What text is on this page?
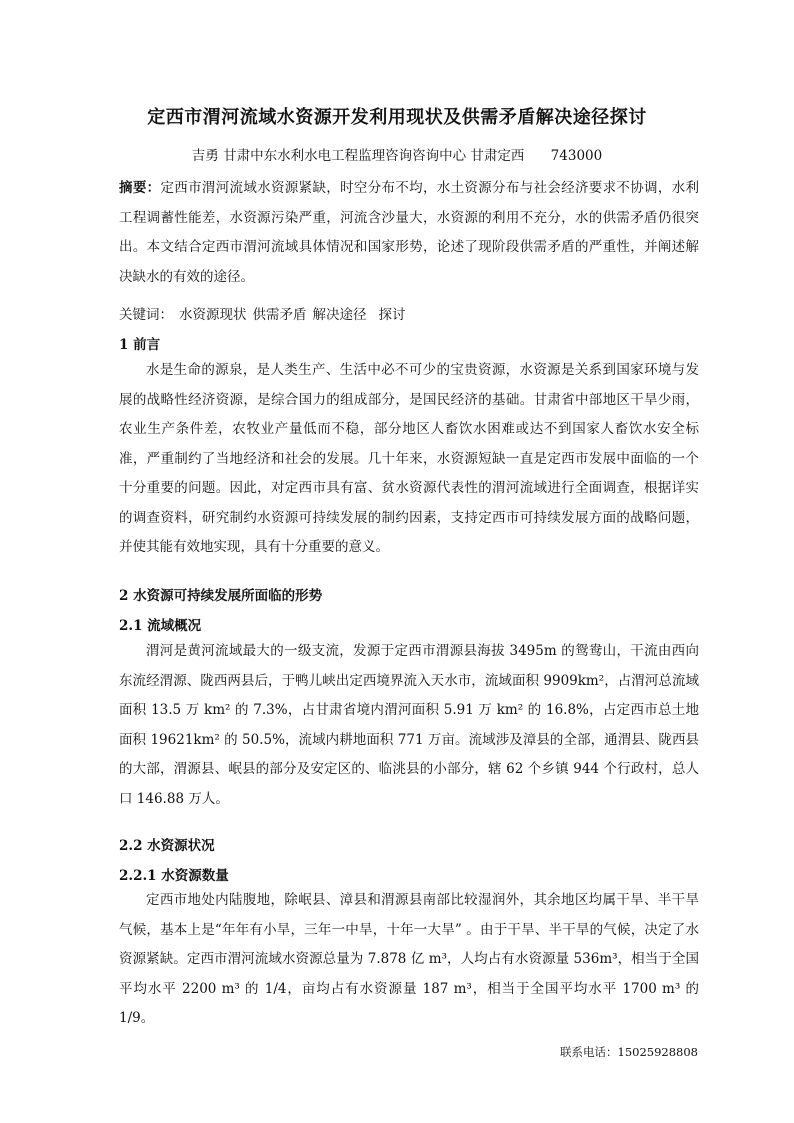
定西市渭河流域水资源开发利用现状及供需矛盾解决途径探讨
吉勇 甘肃中东水利水电工程监理咨询咨询中心 甘肃定西 743000

摘要：定西市渭河流域水资源紧缺，时空分布不均，水土资源分布与社会经济要求不协调，水利工程调蓄性能差，水资源污染严重，河流含沙量大，水资源的利用不充分，水的供需矛盾仍很突出。本文结合定西市渭河流域具体情况和国家形势，论述了现阶段供需矛盾的严重性，并阐述解决缺水的有效的途径。

关键词： 水资源现状 供需矛盾 解决途径 探讨
1 前言

水是生命的源泉，是人类生产、生活中必不可少的宝贵资源，水资源是关系到国家环境与发展的战略性经济资源，是综合国力的组成部分，是国民经济的基础。甘肃省中部地区干旱少雨，农业生产条件差，农牧业产量低而不稳，部分地区人畜饮水困难或达不到国家人畜饮水安全标准，严重制约了当地经济和社会的发展。几十年来，水资源短缺一直是定西市发展中面临的一个十分重要的问题。因此，对定西市具有富、贫水资源代表性的渭河流域进行全面调查，根据详实的调查资料，研究制约水资源可持续发展的制约因素，支持定西市可持续发展方面的战略问题，并使其能有效地实现，具有十分重要的意义。

2 水资源可持续发展所面临的形势
2.1 流域概况

渭河是黄河流域最大的一级支流，发源于定西市渭源县海拔 3495m 的鸳鸯山，干流由西向东流经渭源、陇西两县后，于鸭儿峡出定西境界流入天水市，流域面积 9909km²，占渭河总流域面积 13.5 万 km² 的 7.3%，占甘肃省境内渭河面积 5.91 万 km² 的 16.8%，占定西市总土地面积 19621km² 的 50.5%，流域内耕地面积 771 万亩。流域涉及漳县的全部，通渭县、陇西县的大部，渭源县、岷县的部分及安定区的、临洮县的小部分，辖 62 个乡镇 944 个行政村，总人口 146.88 万人。

2.2 水资源状况
2.2.1 水资源数量

定西市地处内陆腹地，除岷县、漳县和渭源县南部比较湿润外，其余地区均属干旱、半干旱气候，基本上是“年年有小旱，三年一中旱，十年一大旱” 。由于干旱、半干旱的气候，决定了水资源紧缺。定西市渭河流域水资源总量为 7.878 亿 m³，人均占有水资源量 536m³，相当于全国平均水平 2200 m³ 的 1/4，亩均占有水资源量 187 m³，相当于全国平均水平 1700 m³ 的 1/9。

联系电话：15025928808
